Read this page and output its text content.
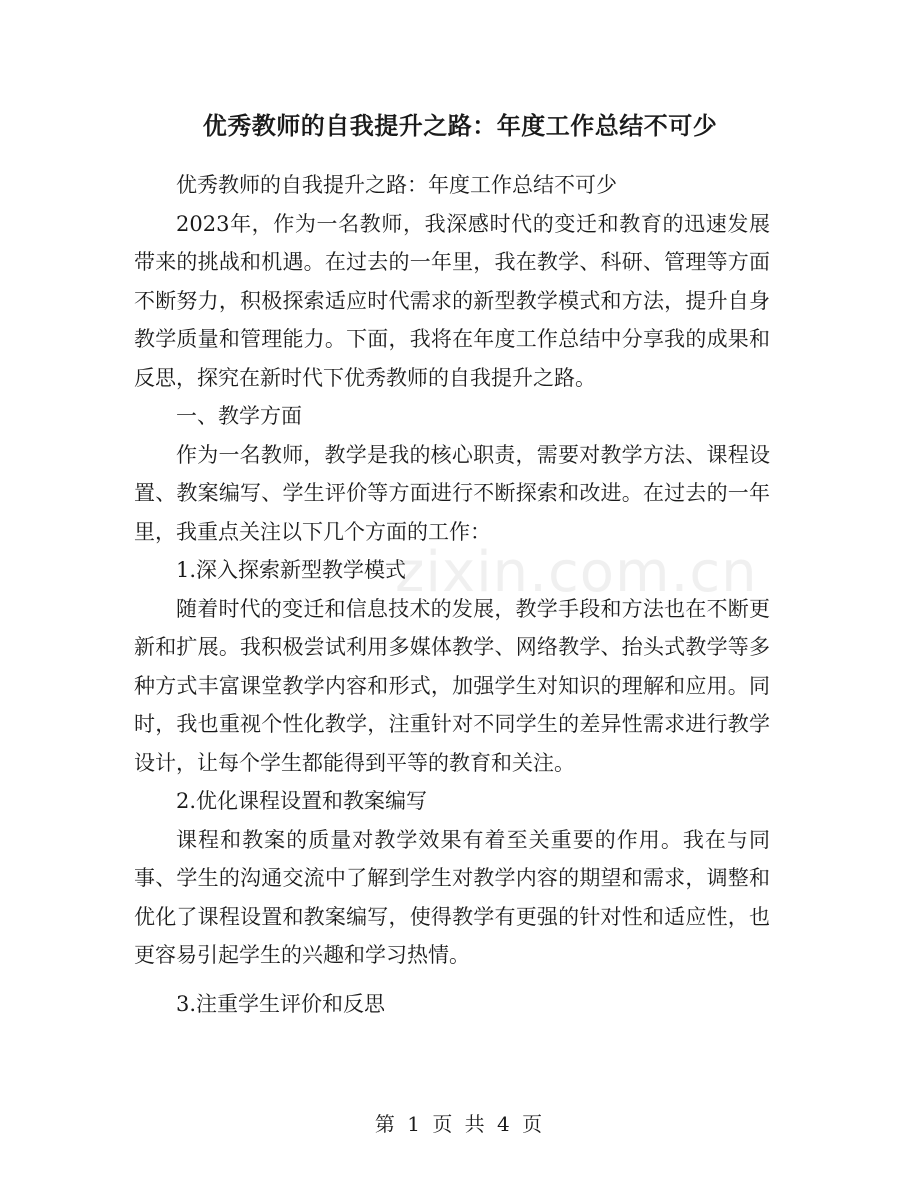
优秀教师的自我提升之路：年度工作总结不可少

优秀教师的自我提升之路：年度工作总结不可少

2023年，作为一名教师，我深感时代的变迁和教育的迅速发展带来的挑战和机遇。在过去的一年里，我在教学、科研、管理等方面不断努力，积极探索适应时代需求的新型教学模式和方法，提升自身教学质量和管理能力。下面，我将在年度工作总结中分享我的成果和反思，探究在新时代下优秀教师的自我提升之路。

一、教学方面

作为一名教师，教学是我的核心职责，需要对教学方法、课程设置、教案编写、学生评价等方面进行不断探索和改进。在过去的一年里，我重点关注以下几个方面的工作：

1.深入探索新型教学模式

随着时代的变迁和信息技术的发展，教学手段和方法也在不断更新和扩展。我积极尝试利用多媒体教学、网络教学、抬头式教学等多种方式丰富课堂教学内容和形式，加强学生对知识的理解和应用。同时，我也重视个性化教学，注重针对不同学生的差异性需求进行教学设计，让每个学生都能得到平等的教育和关注。

2.优化课程设置和教案编写

课程和教案的质量对教学效果有着至关重要的作用。我在与同事、学生的沟通交流中了解到学生对教学内容的期望和需求，调整和优化了课程设置和教案编写，使得教学有更强的针对性和适应性，也更容易引起学生的兴趣和学习热情。

3.注重学生评价和反思

zixin.com.cn
第 1 页 共 4 页
